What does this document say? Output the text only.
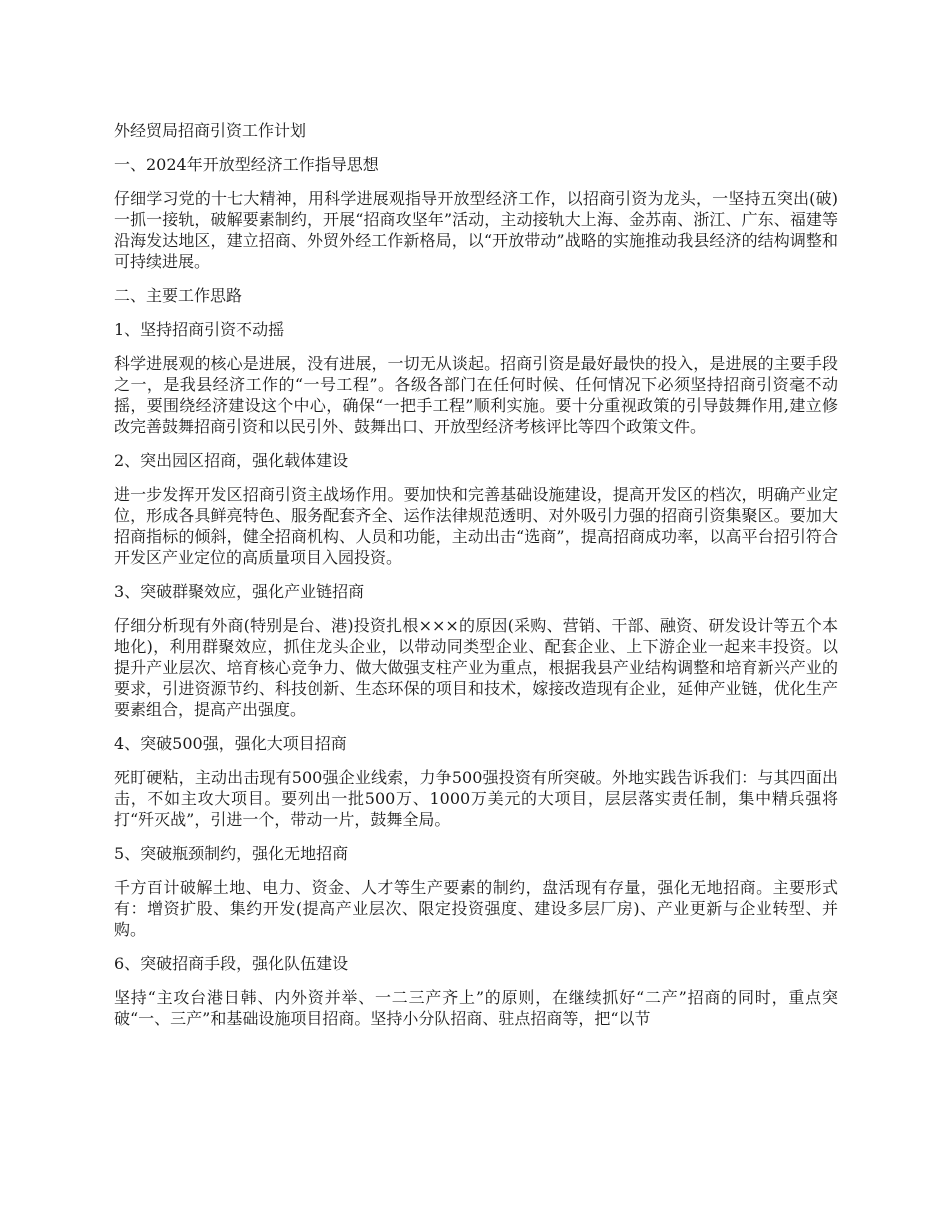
外经贸局招商引资工作计划

一、2024年开放型经济工作指导思想

仔细学习党的十七大精神，用科学进展观指导开放型经济工作，以招商引资为龙头，一坚持五突出(破)一抓一接轨，破解要素制约，开展“招商攻坚年”活动，主动接轨大上海、金苏南、浙江、广东、福建等沿海发达地区，建立招商、外贸外经工作新格局，以“开放带动”战略的实施推动我县经济的结构调整和可持续进展。

二、主要工作思路

1、坚持招商引资不动摇

科学进展观的核心是进展，没有进展，一切无从谈起。招商引资是最好最快的投入，是进展的主要手段之一，是我县经济工作的“一号工程”。各级各部门在任何时候、任何情况下必须坚持招商引资毫不动摇，要围绕经济建设这个中心，确保“一把手工程”顺利实施。要十分重视政策的引导鼓舞作用,建立修改完善鼓舞招商引资和以民引外、鼓舞出口、开放型经济考核评比等四个政策文件。

2、突出园区招商，强化载体建设

进一步发挥开发区招商引资主战场作用。要加快和完善基础设施建设，提高开发区的档次，明确产业定位，形成各具鲜亮特色、服务配套齐全、运作法律规范透明、对外吸引力强的招商引资集聚区。要加大招商指标的倾斜，健全招商机构、人员和功能，主动出击“选商”，提高招商成功率，以高平台招引符合开发区产业定位的高质量项目入园投资。

3、突破群聚效应，强化产业链招商

仔细分析现有外商(特别是台、港)投资扎根×××的原因(采购、营销、干部、融资、研发设计等五个本地化)，利用群聚效应，抓住龙头企业，以带动同类型企业、配套企业、上下游企业一起来丰投资。以提升产业层次、培育核心竞争力、做大做强支柱产业为重点，根据我县产业结构调整和培育新兴产业的要求，引进资源节约、科技创新、生态环保的项目和技术，嫁接改造现有企业，延伸产业链，优化生产要素组合，提高产出强度。

4、突破500强，强化大项目招商

死盯硬粘，主动出击现有500强企业线索，力争500强投资有所突破。外地实践告诉我们：与其四面出击，不如主攻大项目。要列出一批500万、1000万美元的大项目，层层落实责任制，集中精兵强将打“歼灭战”，引进一个，带动一片，鼓舞全局。

5、突破瓶颈制约，强化无地招商

千方百计破解土地、电力、资金、人才等生产要素的制约，盘活现有存量，强化无地招商。主要形式有：增资扩股、集约开发(提高产业层次、限定投资强度、建设多层厂房)、产业更新与企业转型、并购。

6、突破招商手段，强化队伍建设

坚持“主攻台港日韩、内外资并举、一二三产齐上”的原则，在继续抓好“二产”招商的同时，重点突破“一、三产”和基础设施项目招商。坚持小分队招商、驻点招商等，把“以节
